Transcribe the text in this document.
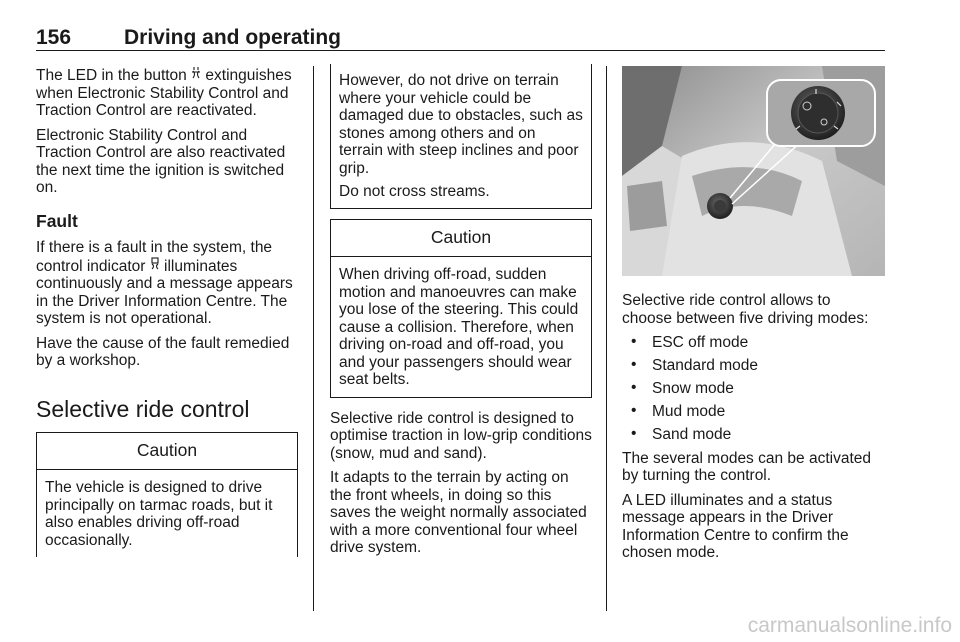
156	Driving and operating

The LED in the button  extinguishes when Electronic Stability Control and Traction Control are reactivated.

Electronic Stability Control and Traction Control are also reactivated the next time the ignition is switched on.

Fault

If there is a fault in the system, the control indicator  illuminates continuously and a message appears in the Driver Information Centre. The system is not operational.

Have the cause of the fault remedied by a workshop.

Selective ride control
Caution
The vehicle is designed to drive principally on tarmac roads, but it also enables driving off-road occasionally.

However, do not drive on terrain where your vehicle could be damaged due to obstacles, such as stones among others and on terrain with steep inclines and poor grip.

Do not cross streams.

Caution
When driving off-road, sudden motion and manoeuvres can make you lose of the steering. This could cause a collision. Therefore, when driving on-road and off-road, you and your passengers should wear seat belts.

Selective ride control is designed to optimise traction in low-grip conditions (snow, mud and sand).

It adapts to the terrain by acting on the front wheels, in doing so this saves the weight normally associated with a more conventional four wheel drive system.

Selective ride control allows to choose between five driving modes:

• ESC off mode
• Standard mode
• Snow mode
• Mud mode
• Sand mode

The several modes can be activated by turning the control.

A LED illuminates and a status message appears in the Driver Information Centre to confirm the chosen mode.

carmanualsonline.info
